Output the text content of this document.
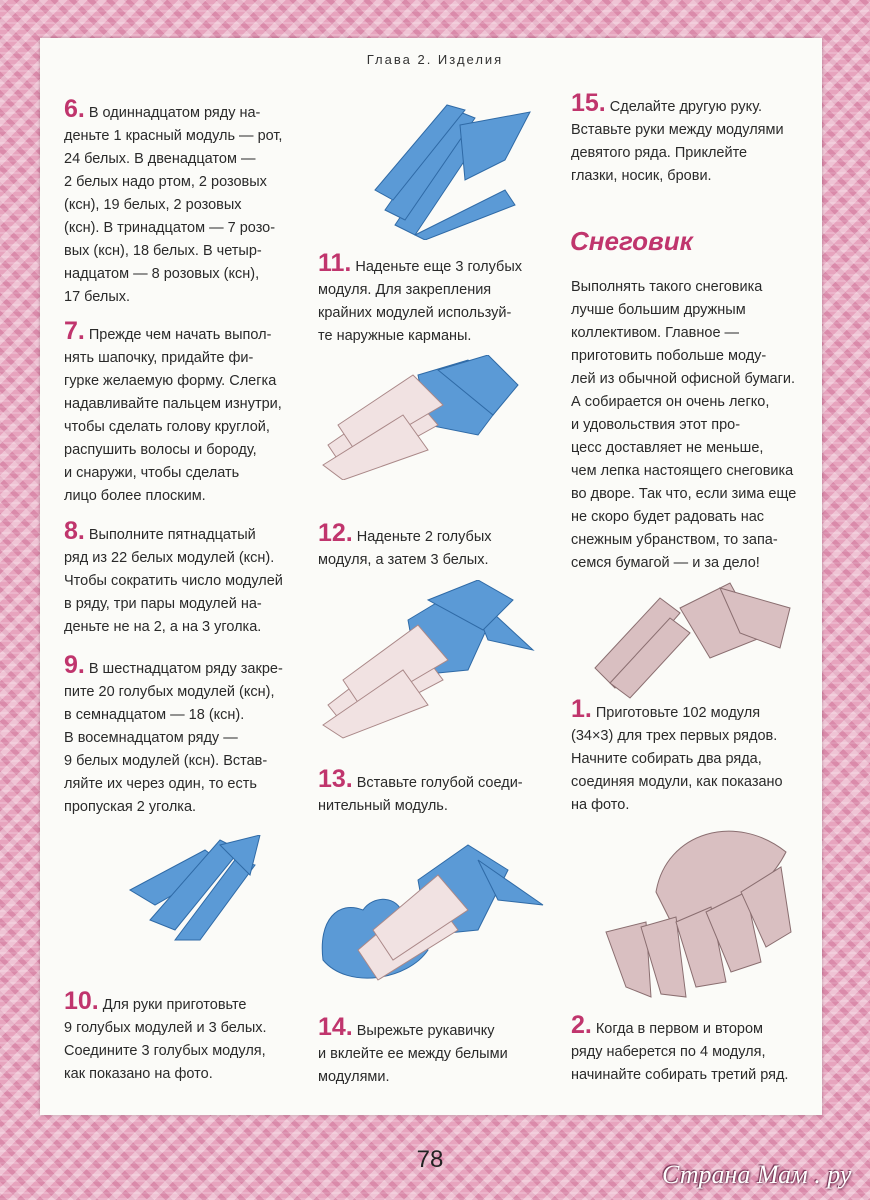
Глава 2. Изделия
6. В одиннадцатом ряду на-
деньте 1 красный модуль — рот,
24 белых. В двенадцатом —
2 белых надо ртом, 2 розовых
(ксн), 19 белых, 2 розовых
(ксн). В тринадцатом — 7 розо-
вых (ксн), 18 белых. В четыр-
надцатом — 8 розовых (ксн),
17 белых.
7. Прежде чем начать выпол-
нять шапочку, придайте фи-
гурке желаемую форму. Слегка
надавливайте пальцем изнутри,
чтобы сделать голову круглой,
распушить волосы и бороду,
и снаружи, чтобы сделать
лицо более плоским.
8. Выполните пятнадцатый
ряд из 22 белых модулей (ксн).
Чтобы сократить число модулей
в ряду, три пары модулей на-
деньте не на 2, а на 3 уголка.
9. В шестнадцатом ряду закре-
пите 20 голубых модулей (ксн),
в семнадцатом — 18 (ксн).
В восемнадцатом ряду —
9 белых модулей (ксн). Встав-
ляйте их через один, то есть
пропуская 2 уголка.
10. Для руки приготовьте
9 голубых модулей и 3 белых.
Соедините 3 голубых модуля,
как показано на фото.
11. Наденьте еще 3 голубых
модуля. Для закрепления
крайних модулей используй-
те наружные карманы.
12. Наденьте 2 голубых
модуля, а затем 3 белых.
13. Вставьте голубой соеди-
нительный модуль.
14. Вырежьте рукавичку
и вклейте ее между белыми
модулями.
15. Сделайте другую руку.
Вставьте руки между модулями
девятого ряда. Приклейте
глазки, носик, брови.
Снеговик
Выполнять такого снеговика
лучше большим дружным
коллективом. Главное —
приготовить побольше моду-
лей из обычной офисной бумаги.
А собирается он очень легко,
и удовольствия этот про-
цесс доставляет не меньше,
чем лепка настоящего снеговика
во дворе. Так что, если зима еще
не скоро будет радовать нас
снежным убранством, то запа-
семся бумагой — и за дело!
1. Приготовьте 102 модуля
(34×3) для трех первых рядов.
Начните собирать два ряда,
соединяя модули, как показано
на фото.
2. Когда в первом и втором
ряду наберется по 4 модуля,
начинайте собирать третий ряд.
78
Страна Мам . ру
